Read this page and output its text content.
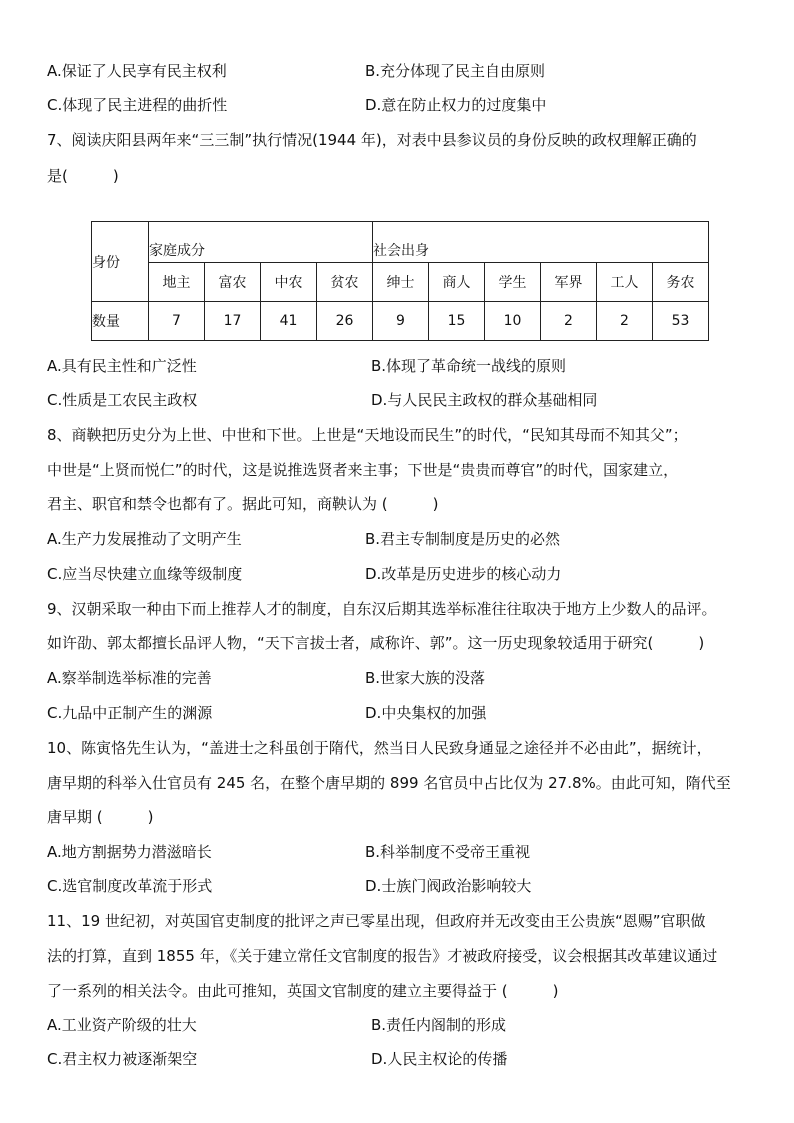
A.保证了人民享有民主权利	B.充分体现了民主自由原则
C.体现了民主进程的曲折性	D.意在防止权力的过度集中
7、阅读庆阳县两年来“三三制”执行情况(1944 年)，对表中县参议员的身份反映的政权理解正确的
是(　　　)
身份	家庭成分				社会出身					
	地主	富农	中农	贫农	绅士	商人	学生	军界	工人	务农
数量	7	17	41	26	9	15	10	2	2	53
A.具有民主性和广泛性	B.体现了革命统一战线的原则
C.性质是工农民主政权	D.与人民民主政权的群众基础相同
8、商鞅把历史分为上世、中世和下世。上世是“天地设而民生”的时代，“民知其母而不知其父”；
中世是“上贤而悦仁”的时代，这是说推选贤者来主事；下世是“贵贵而尊官”的时代，国家建立，
君主、职官和禁令也都有了。据此可知，商鞅认为 (　　　)
A.生产力发展推动了文明产生	B.君主专制制度是历史的必然
C.应当尽快建立血缘等级制度	D.改革是历史进步的核心动力
9、汉朝采取一种由下而上推荐人才的制度，自东汉后期其选举标准往往取决于地方上少数人的品评。
如许劭、郭太都擅长品评人物，“天下言拔士者，咸称许、郭”。这一历史现象较适用于研究(　　　)
A.察举制选举标准的完善	B.世家大族的没落
C.九品中正制产生的渊源	D.中央集权的加强
10、陈寅恪先生认为，“盖进士之科虽创于隋代，然当日人民致身通显之途径并不必由此”，据统计，
唐早期的科举入仕官员有 245 名，在整个唐早期的 899 名官员中占比仅为 27.8%。由此可知，隋代至
唐早期 (　　　)
A.地方割据势力潜滋暗长	B.科举制度不受帝王重视
C.选官制度改革流于形式	D.士族门阀政治影响较大
11、19 世纪初，对英国官吏制度的批评之声已零星出现，但政府并无改变由王公贵族“恩赐”官职做
法的打算，直到 1855 年，《关于建立常任文官制度的报告》才被政府接受，议会根据其改革建议通过
了一系列的相关法令。由此可推知，英国文官制度的建立主要得益于 (　　　)
A.工业资产阶级的壮大	B.责任内阁制的形成
C.君主权力被逐渐架空	D.人民主权论的传播
